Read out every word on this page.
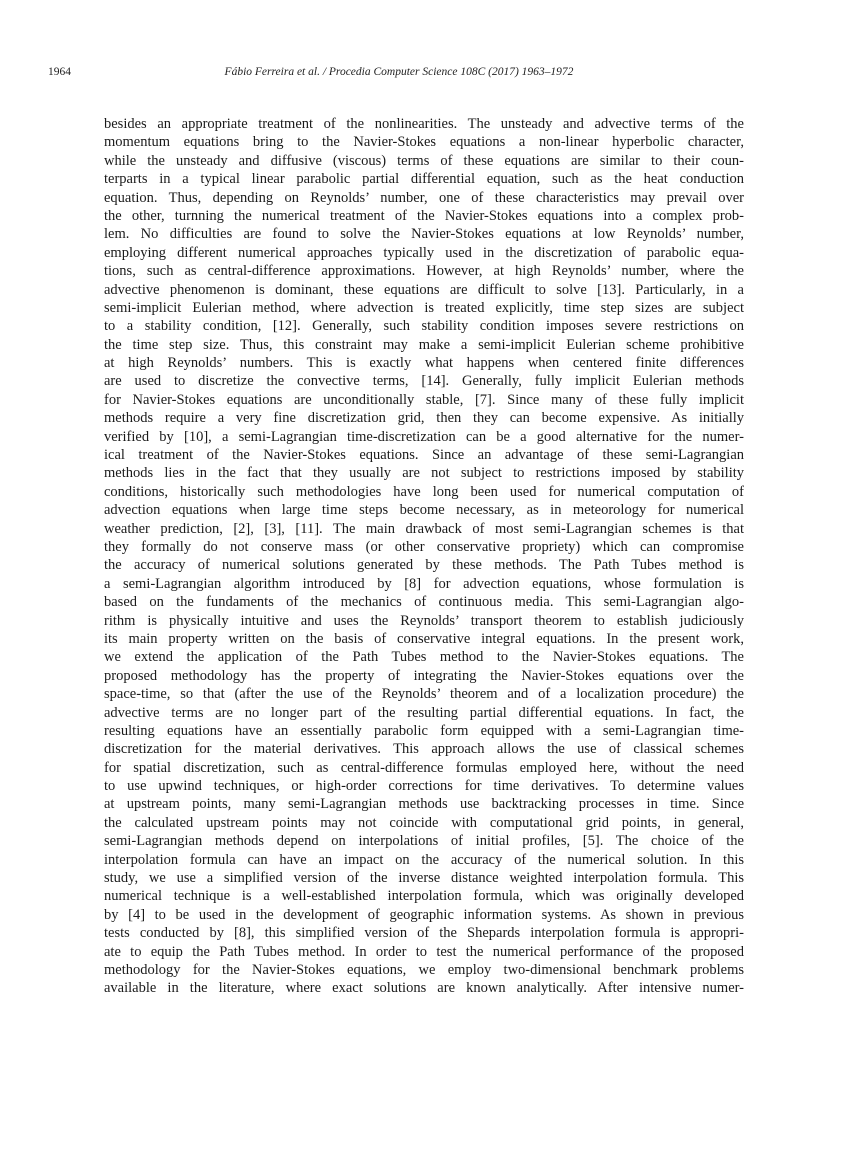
1964	Fábio Ferreira et al. / Procedia Computer Science 108C (2017) 1963–1972
besides an appropriate treatment of the nonlinearities. The unsteady and advective terms of the
momentum equations bring to the Navier-Stokes equations a non-linear hyperbolic character,
while the unsteady and diffusive (viscous) terms of these equations are similar to their coun-
terparts in a typical linear parabolic partial differential equation, such as the heat conduction
equation. Thus, depending on Reynolds’ number, one of these characteristics may prevail over
the other, turnning the numerical treatment of the Navier-Stokes equations into a complex prob-
lem. No difficulties are found to solve the Navier-Stokes equations at low Reynolds’ number,
employing different numerical approaches typically used in the discretization of parabolic equa-
tions, such as central-difference approximations. However, at high Reynolds’ number, where the
advective phenomenon is dominant, these equations are difficult to solve [13]. Particularly, in a
semi-implicit Eulerian method, where advection is treated explicitly, time step sizes are subject
to a stability condition, [12]. Generally, such stability condition imposes severe restrictions on
the time step size. Thus, this constraint may make a semi-implicit Eulerian scheme prohibitive
at high Reynolds’ numbers. This is exactly what happens when centered finite differences
are used to discretize the convective terms, [14]. Generally, fully implicit Eulerian methods
for Navier-Stokes equations are unconditionally stable, [7]. Since many of these fully implicit
methods require a very fine discretization grid, then they can become expensive. As initially
verified by [10], a semi-Lagrangian time-discretization can be a good alternative for the numer-
ical treatment of the Navier-Stokes equations. Since an advantage of these semi-Lagrangian
methods lies in the fact that they usually are not subject to restrictions imposed by stability
conditions, historically such methodologies have long been used for numerical computation of
advection equations when large time steps become necessary, as in meteorology for numerical
weather prediction, [2], [3], [11]. The main drawback of most semi-Lagrangian schemes is that
they formally do not conserve mass (or other conservative propriety) which can compromise
the accuracy of numerical solutions generated by these methods. The Path Tubes method is
a semi-Lagrangian algorithm introduced by [8] for advection equations, whose formulation is
based on the fundaments of the mechanics of continuous media. This semi-Lagrangian algo-
rithm is physically intuitive and uses the Reynolds’ transport theorem to establish judiciously
its main property written on the basis of conservative integral equations. In the present work,
we extend the application of the Path Tubes method to the Navier-Stokes equations. The
proposed methodology has the property of integrating the Navier-Stokes equations over the
space-time, so that (after the use of the Reynolds’ theorem and of a localization procedure) the
advective terms are no longer part of the resulting partial differential equations. In fact, the
resulting equations have an essentially parabolic form equipped with a semi-Lagrangian time-
discretization for the material derivatives. This approach allows the use of classical schemes
for spatial discretization, such as central-difference formulas employed here, without the need
to use upwind techniques, or high-order corrections for time derivatives. To determine values
at upstream points, many semi-Lagrangian methods use backtracking processes in time. Since
the calculated upstream points may not coincide with computational grid points, in general,
semi-Lagrangian methods depend on interpolations of initial profiles, [5]. The choice of the
interpolation formula can have an impact on the accuracy of the numerical solution. In this
study, we use a simplified version of the inverse distance weighted interpolation formula. This
numerical technique is a well-established interpolation formula, which was originally developed
by [4] to be used in the development of geographic information systems. As shown in previous
tests conducted by [8], this simplified version of the Shepards interpolation formula is appropri-
ate to equip the Path Tubes method. In order to test the numerical performance of the proposed
methodology for the Navier-Stokes equations, we employ two-dimensional benchmark problems
available in the literature, where exact solutions are known analytically. After intensive numer-
